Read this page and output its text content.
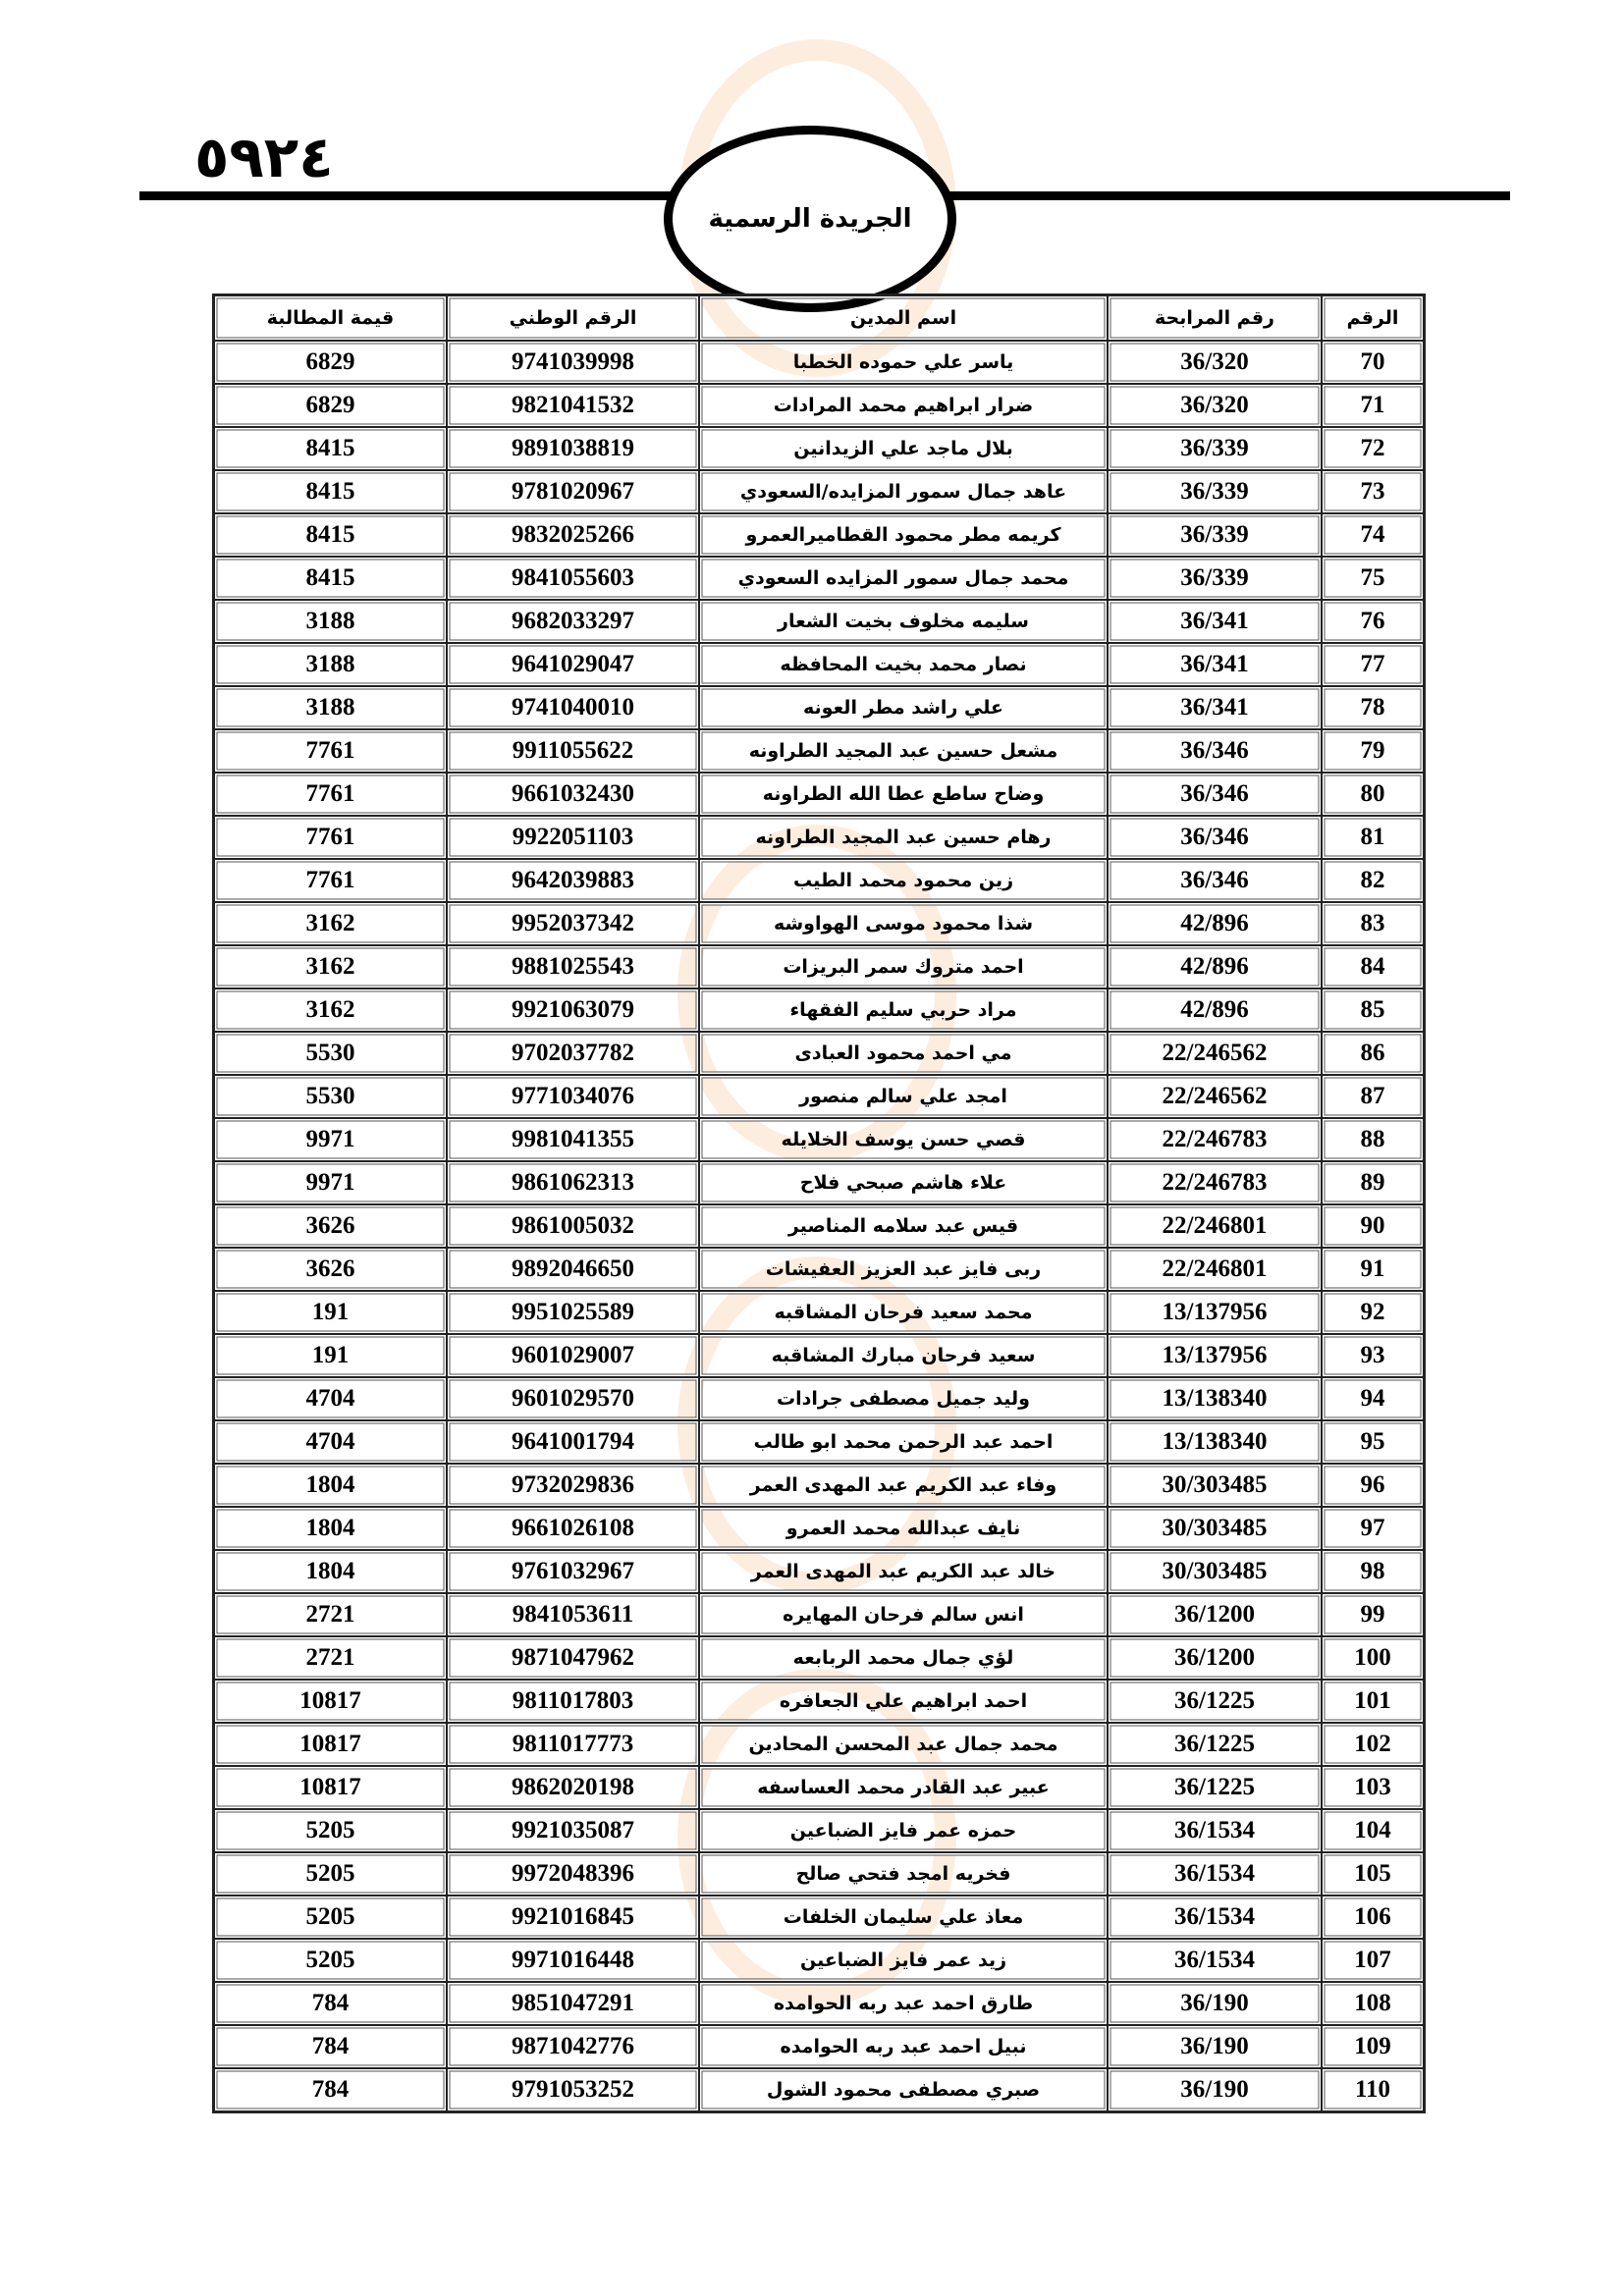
٥٩٢٤
الجريدة الرسمية
الرقم	رقم المرابحة	اسم المدين	الرقم الوطني	قيمة المطالبة
70	36/320	ياسر علي حموده الخطبا	9741039998	6829
71	36/320	ضرار ابراهيم محمد المرادات	9821041532	6829
72	36/339	بلال ماجد علي الزيدانين	9891038819	8415
73	36/339	عاهد جمال سمور المزايده/السعودي	9781020967	8415
74	36/339	كريمه مطر محمود القطاميرالعمرو	9832025266	8415
75	36/339	محمد جمال سمور المزايده السعودي	9841055603	8415
76	36/341	سليمه مخلوف بخيت الشعار	9682033297	3188
77	36/341	نصار محمد بخيت المحافظه	9641029047	3188
78	36/341	علي راشد مطر العونه	9741040010	3188
79	36/346	مشعل حسين عبد المجيد الطراونه	9911055622	7761
80	36/346	وضاح ساطع عطا الله الطراونه	9661032430	7761
81	36/346	رهام حسين عبد المجيد الطراونه	9922051103	7761
82	36/346	زين محمود محمد الطيب	9642039883	7761
83	42/896	شذا محمود موسى الهواوشه	9952037342	3162
84	42/896	احمد متروك سمر البريزات	9881025543	3162
85	42/896	مراد حربي سليم الفقهاء	9921063079	3162
86	22/246562	مي احمد محمود العبادى	9702037782	5530
87	22/246562	امجد علي سالم منصور	9771034076	5530
88	22/246783	قصي حسن يوسف الخلايله	9981041355	9971
89	22/246783	علاء هاشم صبحي فلاح	9861062313	9971
90	22/246801	قيس عبد سلامه المناصير	9861005032	3626
91	22/246801	ربى فايز عبد العزيز العفيشات	9892046650	3626
92	13/137956	محمد سعيد فرحان المشاقبه	9951025589	191
93	13/137956	سعيد فرحان مبارك المشاقبه	9601029007	191
94	13/138340	وليد جميل مصطفى جرادات	9601029570	4704
95	13/138340	احمد عبد الرحمن محمد ابو طالب	9641001794	4704
96	30/303485	وفاء عبد الكريم عبد المهدى العمر	9732029836	1804
97	30/303485	نايف عبدالله محمد العمرو	9661026108	1804
98	30/303485	خالد عبد الكريم عبد المهدى العمر	9761032967	1804
99	36/1200	انس سالم فرحان المهايره	9841053611	2721
100	36/1200	لؤي جمال محمد الربابعه	9871047962	2721
101	36/1225	احمد ابراهيم علي الجعافره	9811017803	10817
102	36/1225	محمد جمال عبد المحسن المحادين	9811017773	10817
103	36/1225	عبير عبد القادر محمد العساسفه	9862020198	10817
104	36/1534	حمزه عمر فايز الضباعين	9921035087	5205
105	36/1534	فخريه امجد فتحي صالح	9972048396	5205
106	36/1534	معاذ علي سليمان الخلفات	9921016845	5205
107	36/1534	زيد عمر فايز الضباعين	9971016448	5205
108	36/190	طارق احمد عبد ربه الحوامده	9851047291	784
109	36/190	نبيل احمد عبد ربه الحوامده	9871042776	784
110	36/190	صبري مصطفى محمود الشول	9791053252	784
